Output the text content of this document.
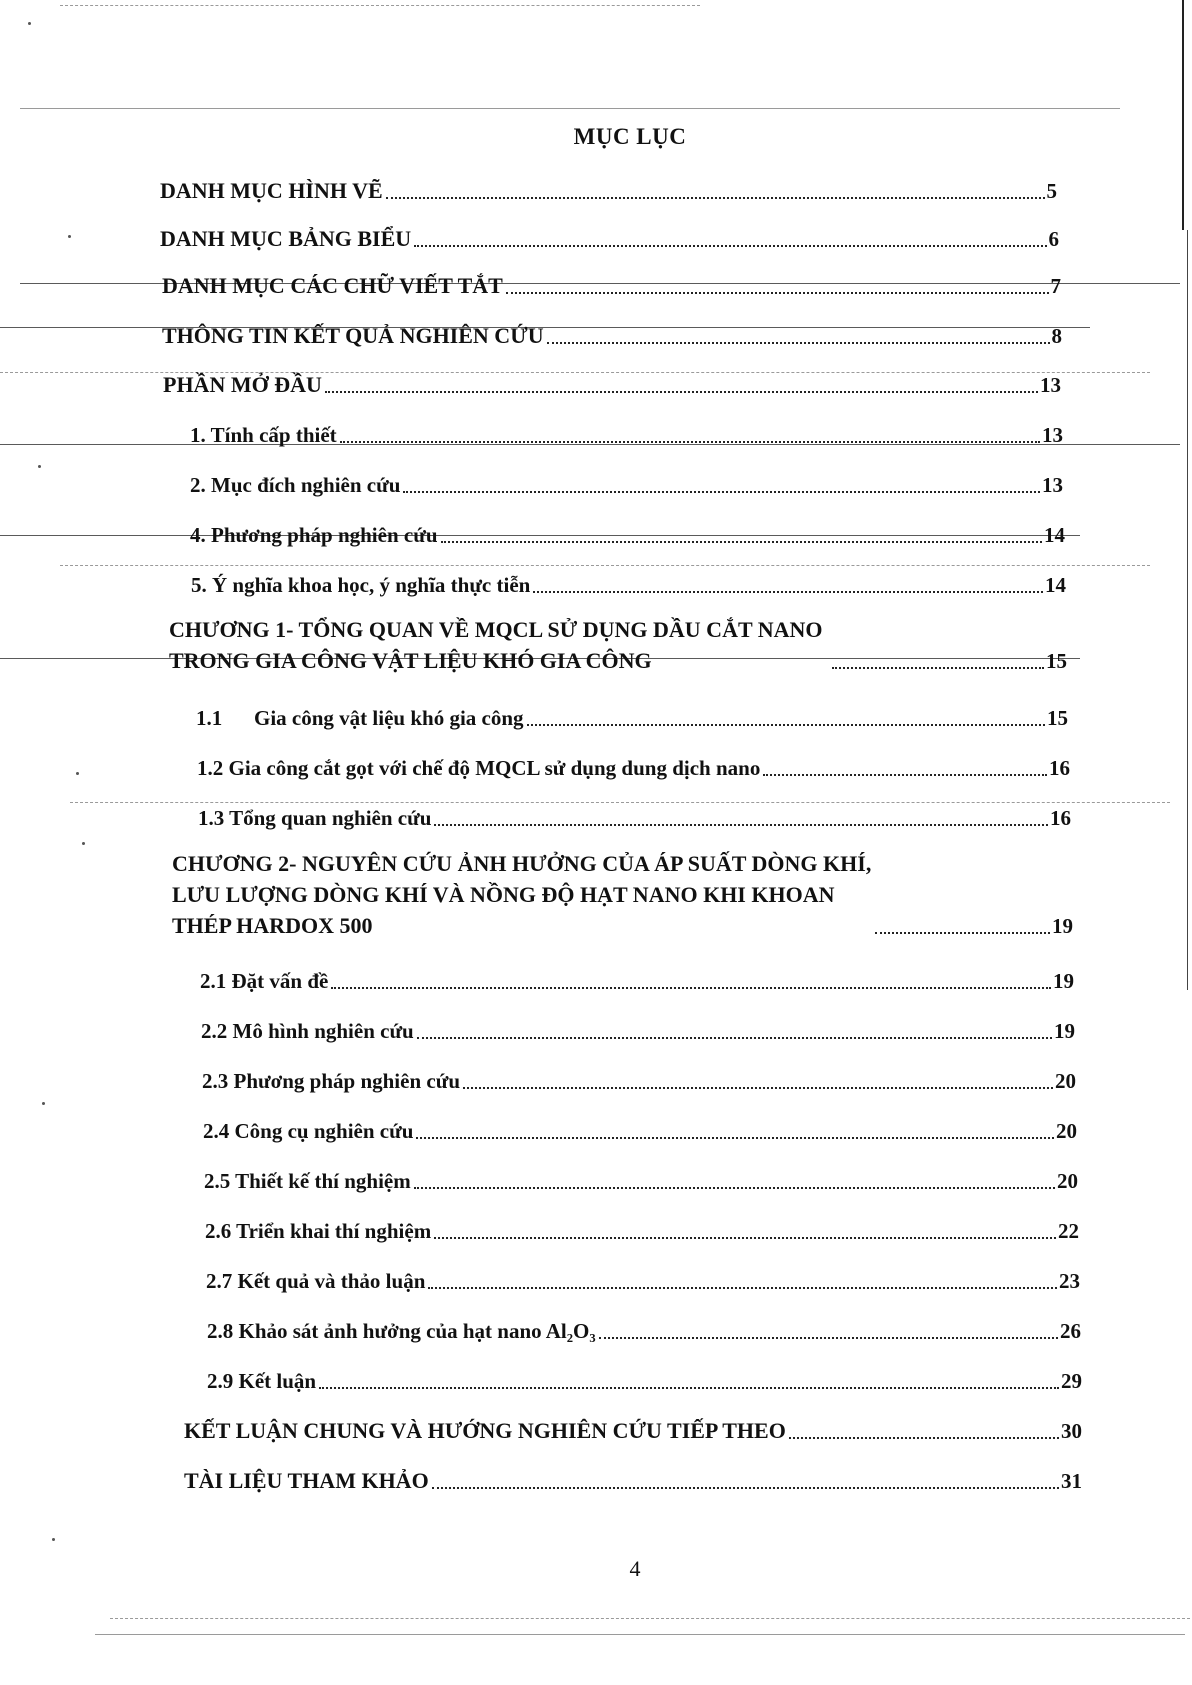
MỤC LỤC
DANH MỤC HÌNH VẼ	5
DANH MỤC BẢNG BIỂU	6
DANH MỤC CÁC CHỮ VIẾT TẮT	7
THÔNG TIN KẾT QUẢ NGHIÊN CỨU	8
PHẦN MỞ ĐẦU	13
1. Tính cấp thiết	13
2. Mục đích nghiên cứu	13
4. Phương pháp nghiên cứu	14
5. Ý nghĩa khoa học, ý nghĩa thực tiễn	14
CHƯƠNG 1- TỔNG QUAN VỀ MQCL SỬ DỤNG DẦU CẮT NANO TRONG GIA CÔNG VẬT LIỆU KHÓ GIA CÔNG	15
1.1 Gia công vật liệu khó gia công	15
1.2 Gia công cắt gọt với chế độ MQCL sử dụng dung dịch nano	16
1.3 Tổng quan nghiên cứu	16
CHƯƠNG 2- NGUYÊN CỨU ẢNH HƯỞNG CỦA ÁP SUẤT DÒNG KHÍ, LƯU LƯỢNG DÒNG KHÍ VÀ NỒNG ĐỘ HẠT NANO KHI KHOAN THÉP HARDOX 500	19
2.1 Đặt vấn đề	19
2.2 Mô hình nghiên cứu	19
2.3 Phương pháp nghiên cứu	20
2.4 Công cụ nghiên cứu	20
2.5 Thiết kế thí nghiệm	20
2.6 Triển khai thí nghiệm	22
2.7 Kết quả và thảo luận	23
2.8 Khảo sát ảnh hưởng của hạt nano Al₂O₃	26
2.9 Kết luận	29
KẾT LUẬN CHUNG VÀ HƯỚNG NGHIÊN CỨU TIẾP THEO	30
TÀI LIỆU THAM KHẢO	31
4
